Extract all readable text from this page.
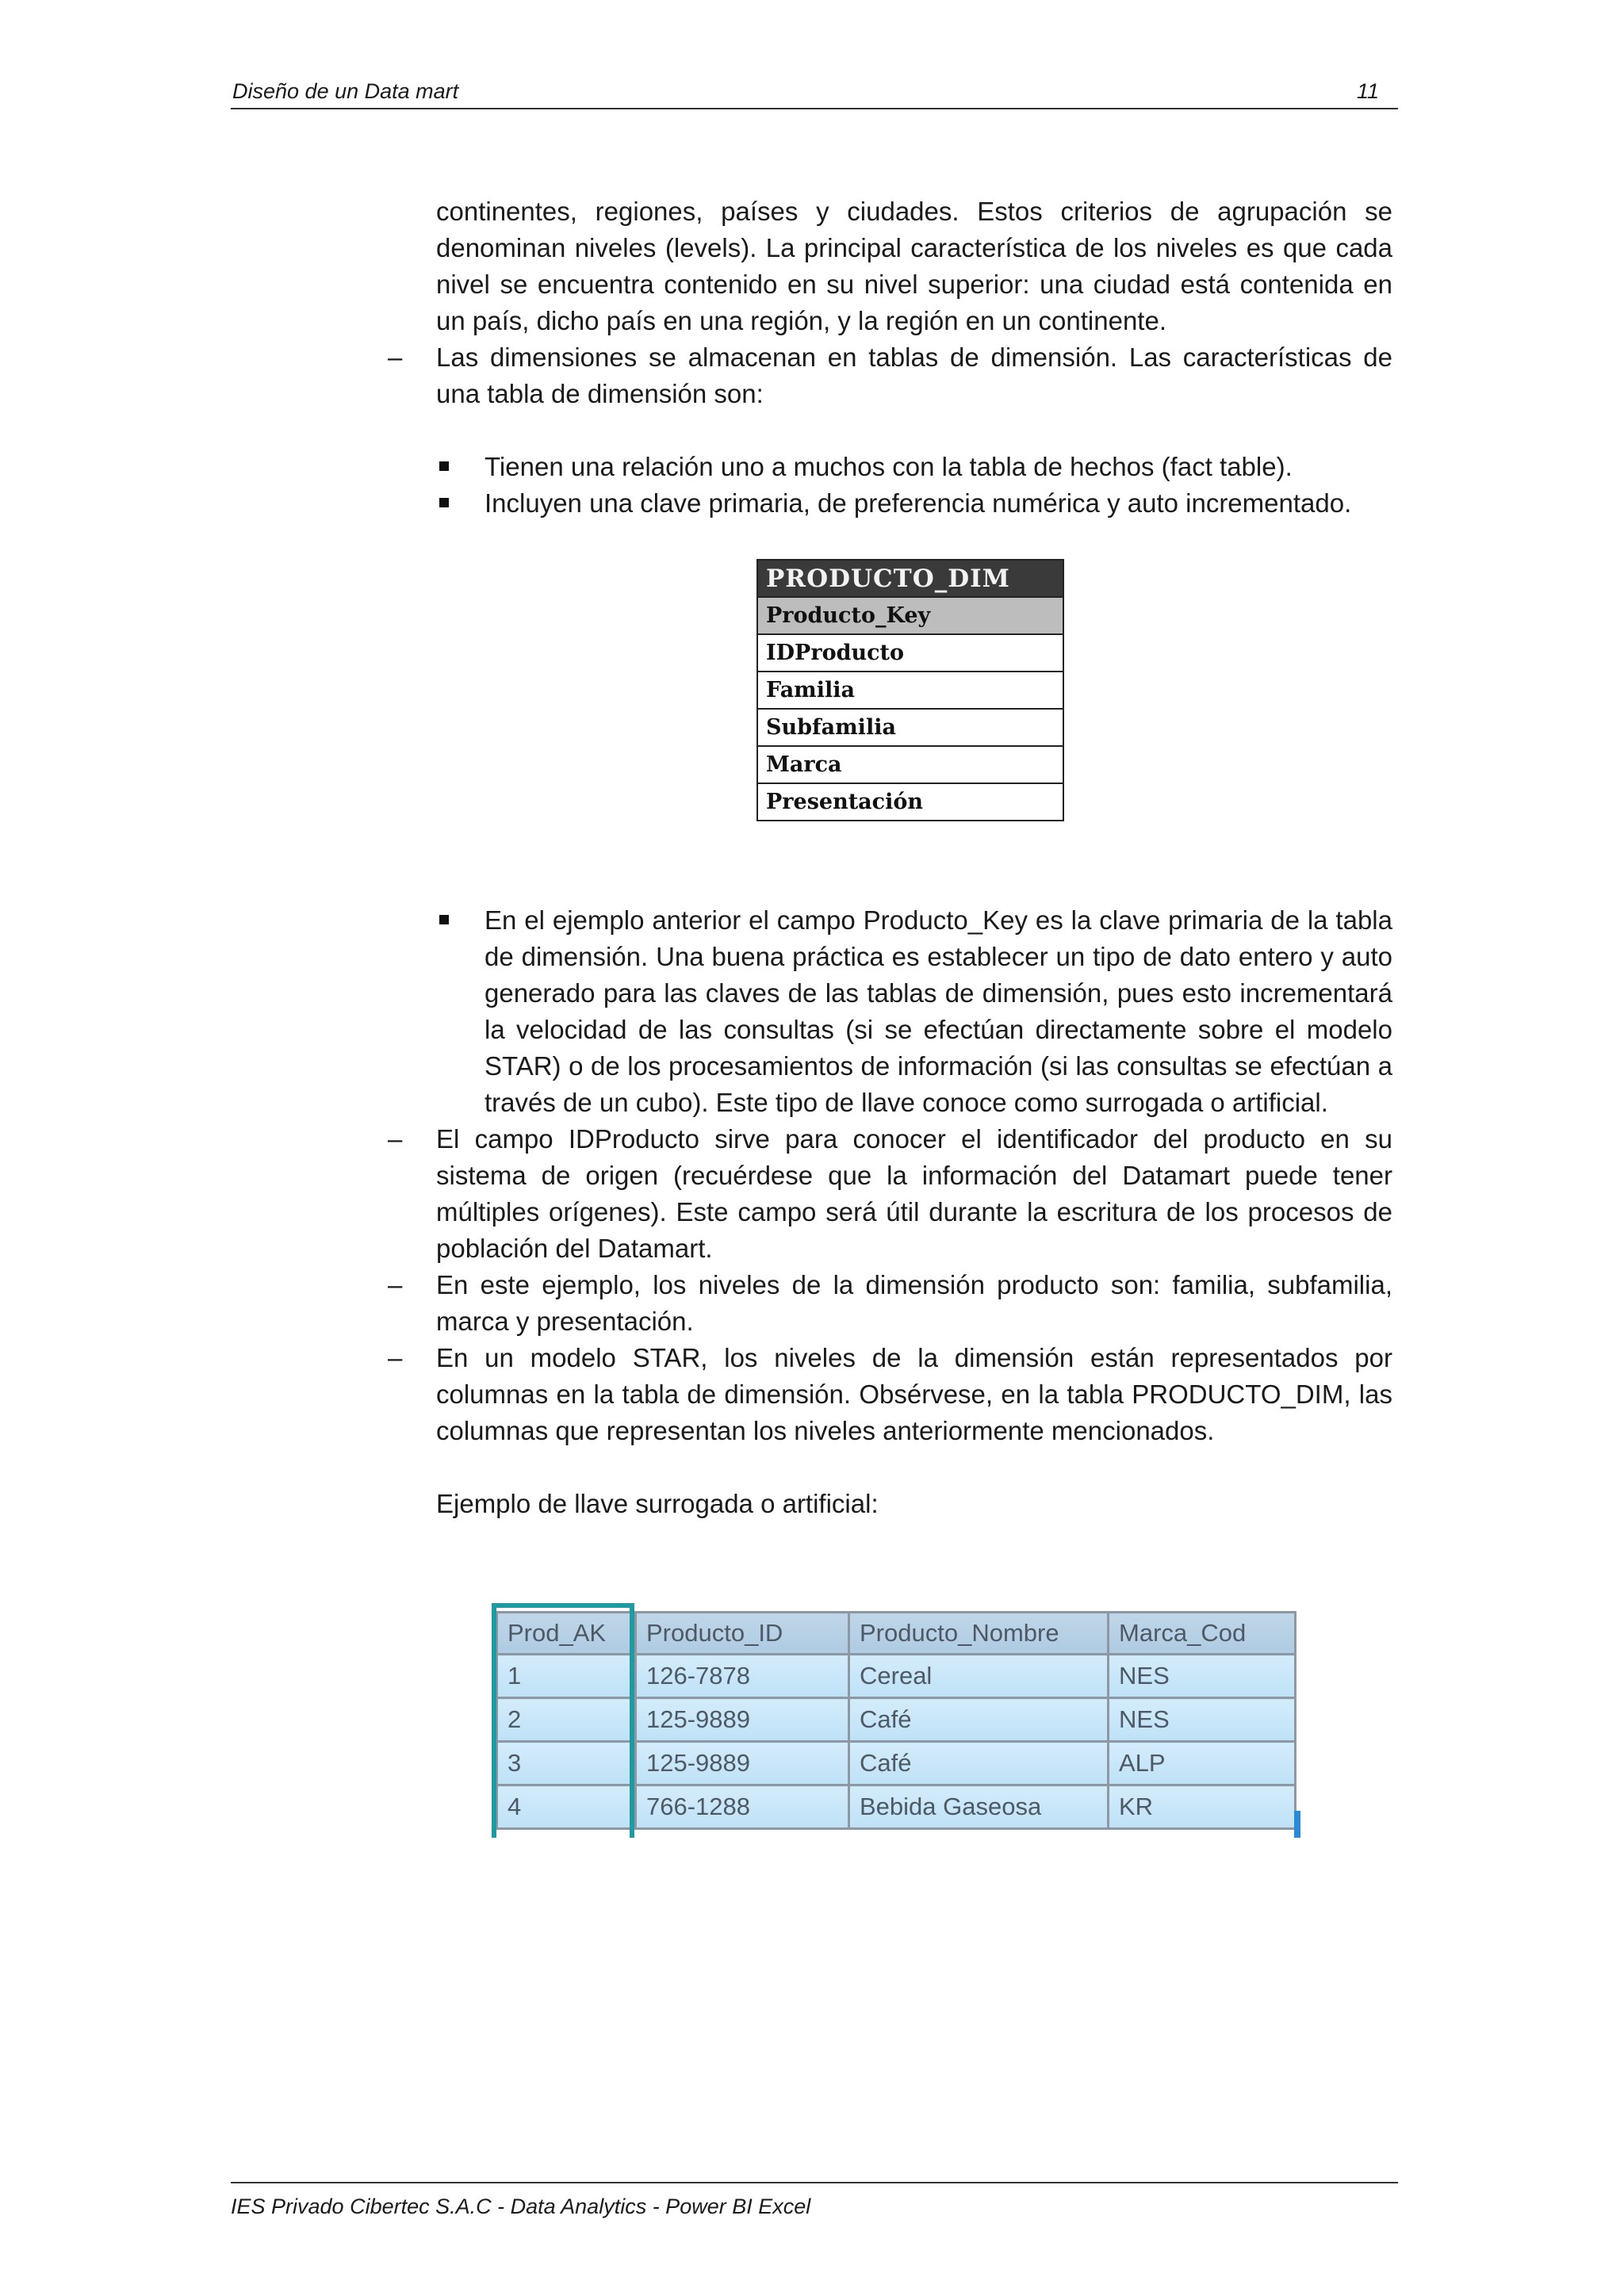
Diseño de un Data mart	11

continentes, regiones, países y ciudades. Estos criterios de agrupación se denominan niveles (levels). La principal característica de los niveles es que cada nivel se encuentra contenido en su nivel superior: una ciudad está contenida en un país, dicho país en una región, y la región en un continente.

– Las dimensiones se almacenan en tablas de dimensión. Las características de una tabla de dimensión son:
Tienen una relación uno a muchos con la tabla de hechos (fact table).
Incluyen una clave primaria, de preferencia numérica y auto incrementado.
En el ejemplo anterior el campo Producto_Key es la clave primaria de la tabla de dimensión. Una buena práctica es establecer un tipo de dato entero y auto generado para las claves de las tablas de dimensión, pues esto incrementará la velocidad de las consultas (si se efectúan directamente sobre el modelo STAR) o de los procesamientos de información (si las consultas se efectúan a través de un cubo). Este tipo de llave conoce como surrogada o artificial.
– El campo IDProducto sirve para conocer el identificador del producto en su sistema de origen (recuérdese que la información del Datamart puede tener múltiples orígenes). Este campo será útil durante la escritura de los procesos de población del Datamart.
– En este ejemplo, los niveles de la dimensión producto son: familia, subfamilia, marca y presentación.
– En un modelo STAR, los niveles de la dimensión están representados por columnas en la tabla de dimensión. Obsérvese, en la tabla PRODUCTO_DIM, las columnas que representan los niveles anteriormente mencionados.

Ejemplo de llave surrogada o artificial:

PRODUCTO_DIM
Producto_Key
IDProducto
Familia
Subfamilia
Marca
Presentación
Prod_AK	Producto_ID	Producto_Nombre	Marca_Cod
1	126-7878	Cereal	NES
2	125-9889	Café	NES
3	125-9889	Café	ALP
4	766-1288	Bebida Gaseosa	KR
IES Privado Cibertec S.A.C - Data Analytics - Power BI Excel
